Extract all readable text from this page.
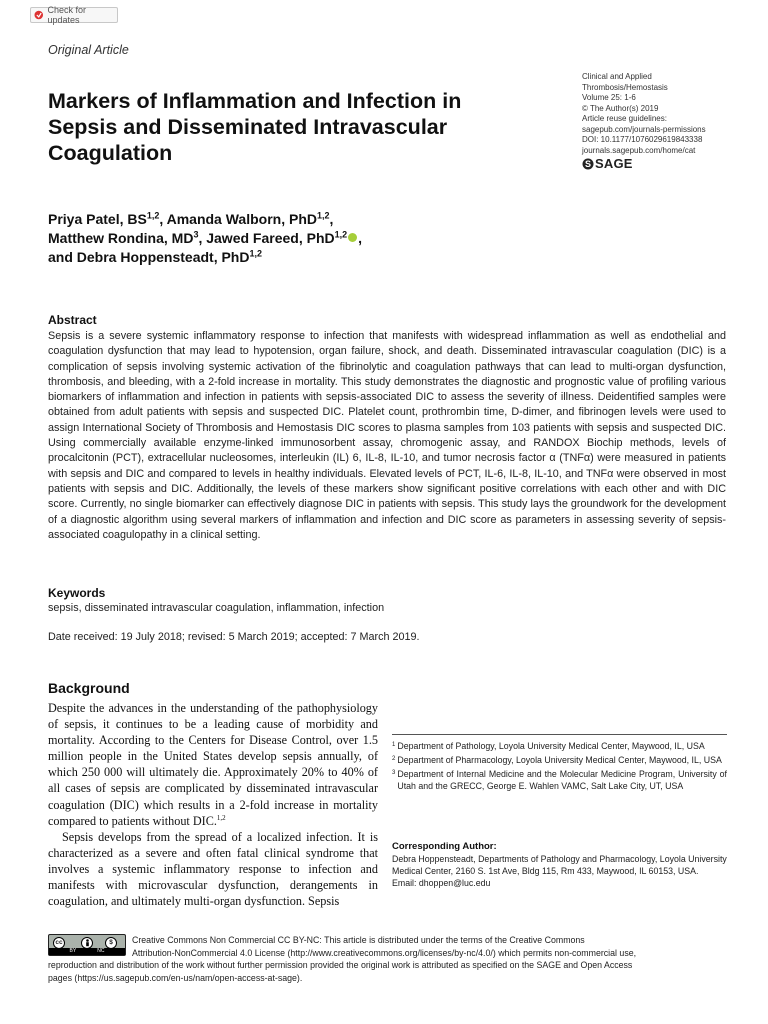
Check for updates
Original Article
Markers of Inflammation and Infection in Sepsis and Disseminated Intravascular Coagulation
Clinical and Applied
Thrombosis/Hemostasis
Volume 25: 1-6
© The Author(s) 2019
Article reuse guidelines:
sagepub.com/journals-permissions
DOI: 10.1177/1076029619843338
journals.sagepub.com/home/cat
S SAGE
Priya Patel, BS$^{1,2}$, Amanda Walborn, PhD$^{1,2}$,
Matthew Rondina, $MD^3$, Jawed Fareed, PhD$^{1,2}$ ,
and Debra Hoppensteadt, PhD$^{1,2}$
Abstract

Sepsis is a severe systemic inflammatory response to infection that manifests with widespread inflammation as well as endothelial and coagulation dysfunction that may lead to hypotension, organ failure, shock, and death. Disseminated intravascular coagulation (DIC) is a complication of sepsis involving systemic activation of the fibrinolytic and coagulation pathways that can lead to multi-organ dysfunction, thrombosis, and bleeding, with a 2-fold increase in mortality. This study demonstrates the diagnostic and prognostic value of profiling various biomarkers of inflammation and infection in patients with sepsis-associated DIC to assess the severity of illness. Deidentified samples were obtained from adult patients with sepsis and suspected DIC. Platelet count, prothrombin time, D-dimer, and fibrinogen levels were used to assign International Society of Thrombosis and Hemostasis DIC scores to plasma samples from 103 patients with sepsis and suspected DIC. Using commercially available enzyme-linked immunosorbent assay, chromogenic assay, and RANDOX Biochip methods, levels of procalcitonin (PCT), extracellular nucleosomes, interleukin (IL) 6, IL-8, IL-10, and tumor necrosis factor α (TNFα) were measured in patients with sepsis and DIC and compared to levels in healthy individuals. Elevated levels of PCT, IL-6, IL-8, IL-10, and TNFα were observed in most patients with sepsis and DIC. Additionally, the levels of these markers show significant positive correlations with each other and with DIC score. Currently, no single biomarker can effectively diagnose DIC in patients with sepsis. This study lays the groundwork for the development of a diagnostic algorithm using several markers of inflammation and infection and DIC score as parameters in assessing severity of sepsis-associated coagulopathy in a clinical setting.

Keywords
sepsis, disseminated intravascular coagulation, inflammation, infection
Date received: 19 July 2018; revised: 5 March 2019; accepted: 7 March 2019.
Background

Despite the advances in the understanding of the pathophysiology of sepsis, it continues to be a leading cause of morbidity and mortality. According to the Centers for Disease Control, over 1.5 million people in the United States develop sepsis annually, of which 250 000 will ultimately die. Approximately 20% to 40% of all cases of sepsis are complicated by disseminated intravascular coagulation (DIC) which results in a 2-fold increase in mortality compared to patients without DIC.$^{1,2}$

Sepsis develops from the spread of a localized infection. It is characterized as a severe and often fatal clinical syndrome that involves a systemic inflammatory response to infection and manifests with microvascular dysfunction, derangements in coagulation, and ultimately multi-organ dysfunction. Sepsis

1 Department of Pathology, Loyola University Medical Center, Maywood, IL, USA
2 Department of Pharmacology, Loyola University Medical Center, Maywood, IL, USA
3 Department of Internal Medicine and the Molecular Medicine Program, University of Utah and the GRECC, George E. Wahlen VAMC, Salt Lake City, UT, USA
Corresponding Author:
Debra Hoppensteadt, Departments of Pathology and Pharmacology, Loyola University Medical Center, 2160 S. 1st Ave, Bldg 115, Rm 433, Maywood, IL 60153, USA.
Email: dhoppen@luc.edu
cc	$
BY	NC
Creative Commons Non Commercial CC BY-NC: This article is distributed under the terms of the Creative Commons
Attribution-NonCommercial 4.0 License (http://www.creativecommons.org/licenses/by-nc/4.0/) which permits non-commercial use,
reproduction and distribution of the work without further permission provided the original work is attributed as specified on the SAGE and Open Access
pages (https://us.sagepub.com/en-us/nam/open-access-at-sage).
